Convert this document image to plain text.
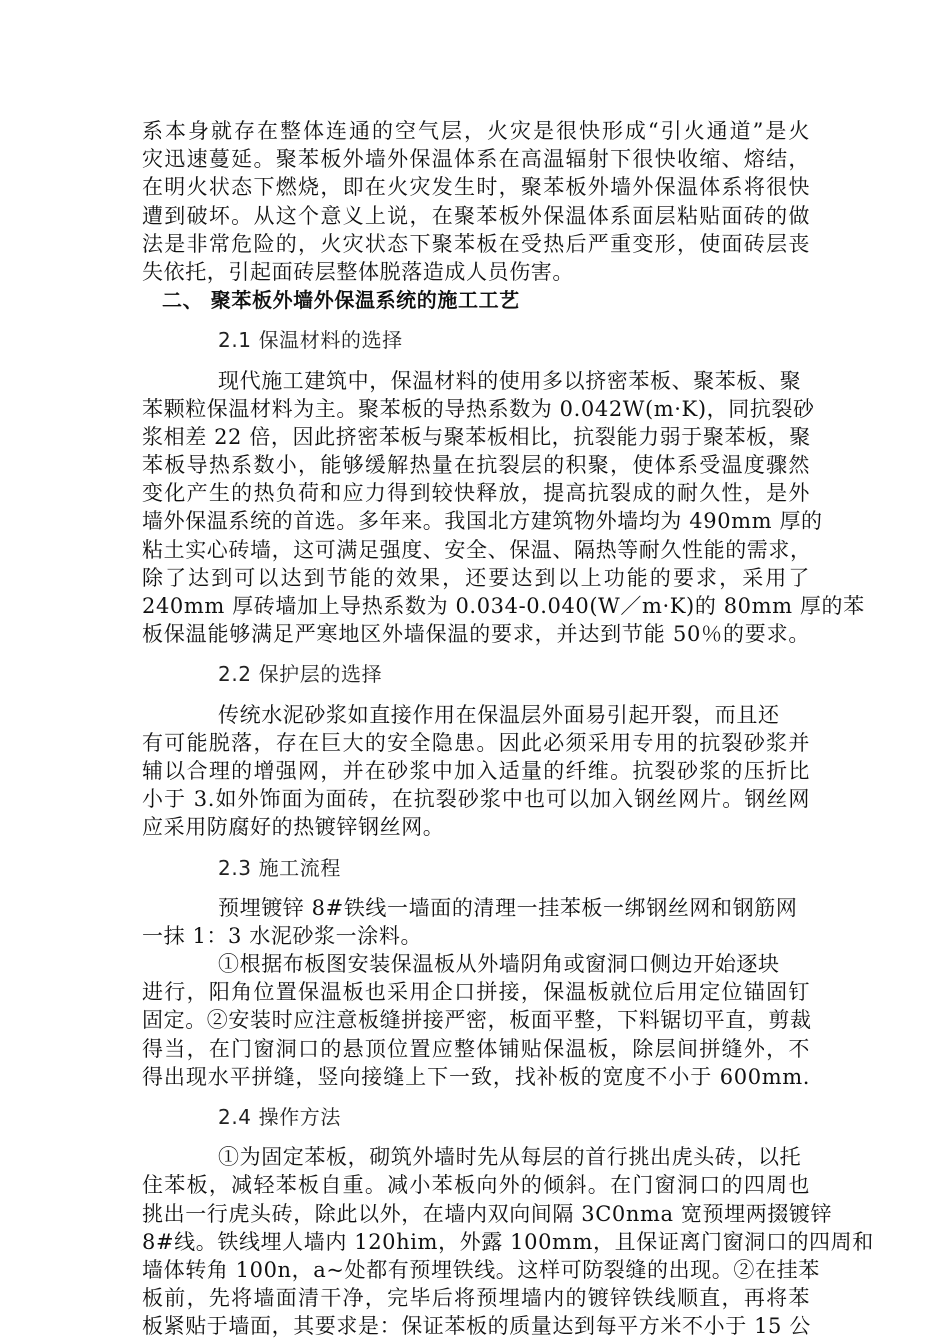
系本身就存在整体连通的空气层，火灾是很快形成“引火通道”是火
灾迅速蔓延。聚苯板外墙外保温体系在高温辐射下很快收缩、熔结，
在明火状态下燃烧，即在火灾发生时，聚苯板外墙外保温体系将很快
遭到破坏。从这个意义上说，在聚苯板外保温体系面层粘贴面砖的做
法是非常危险的，火灾状态下聚苯板在受热后严重变形，使面砖层丧
失依托，引起面砖层整体脱落造成人员伤害。
二、 聚苯板外墙外保温系统的施工工艺
2.1 保温材料的选择
现代施工建筑中，保温材料的使用多以挤密苯板、聚苯板、聚
苯颗粒保温材料为主。聚苯板的导热系数为 0.042W(m·K)，同抗裂砂
浆相差 22 倍，因此挤密苯板与聚苯板相比，抗裂能力弱于聚苯板，聚
苯板导热系数小，能够缓解热量在抗裂层的积聚，使体系受温度骤然
变化产生的热负荷和应力得到较快释放，提高抗裂成的耐久性，是外
墙外保温系统的首选。多年来。我国北方建筑物外墙均为 490mm 厚的
粘土实心砖墙，这可满足强度、安全、保温、隔热等耐久性能的需求，
除了达到可以达到节能的效果，还要达到以上功能的要求，采用了
240mm 厚砖墙加上导热系数为 0.034-0.040(W／m·K)的 80mm 厚的苯
板保温能够满足严寒地区外墙保温的要求，并达到节能 50％的要求。
2.2 保护层的选择
传统水泥砂浆如直接作用在保温层外面易引起开裂，而且还
有可能脱落，存在巨大的安全隐患。因此必须采用专用的抗裂砂浆并
辅以合理的增强网，并在砂浆中加入适量的纤维。抗裂砂浆的压折比
小于 3.如外饰面为面砖，在抗裂砂浆中也可以加入钢丝网片。钢丝网
应采用防腐好的热镀锌钢丝网。
2.3 施工流程
预埋镀锌 8#铁线一墙面的清理一挂苯板一绑钢丝网和钢筋网
一抹 1：3 水泥砂浆一涂料。
①根据布板图安装保温板从外墙阴角或窗洞口侧边开始逐块
进行，阳角位置保温板也采用企口拼接，保温板就位后用定位锚固钉
固定。②安装时应注意板缝拼接严密，板面平整，下料锯切平直，剪裁
得当，在门窗洞口的悬顶位置应整体铺贴保温板，除层间拼缝外，不
得出现水平拼缝，竖向接缝上下一致，找补板的宽度不小于 600mm.
2.4 操作方法
①为固定苯板，砌筑外墙时先从每层的首行挑出虎头砖，以托
住苯板，减轻苯板自重。减小苯板向外的倾斜。在门窗洞口的四周也
挑出一行虎头砖，除此以外，在墙内双向间隔 3C0nma 宽预埋两掇镀锌
8#线。铁线埋人墙内 120him，外露 100mm，且保证离门窗洞口的四周和
墙体转角 100n，a~处都有预埋铁线。这样可防裂缝的出现。②在挂苯
板前，先将墙面清干净，完毕后将预埋墙内的镀锌铁线顺直，再将苯
板紧贴于墙面，其要求是：保证苯板的质量达到每平方米不小于 15 公
